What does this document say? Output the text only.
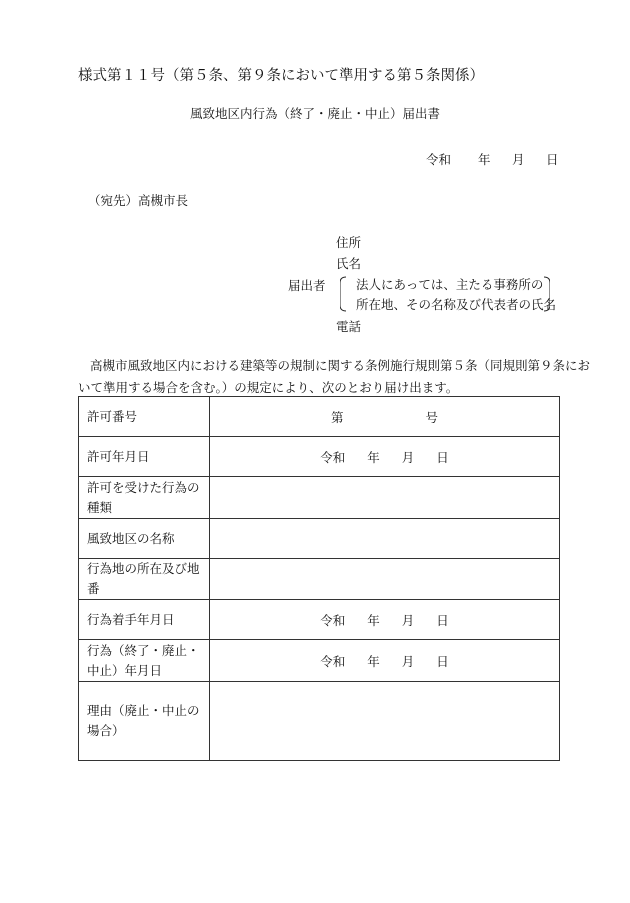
様式第１１号（第５条、第９条において準用する第５条関係）
風致地区内行為（終了・廃止・中止）届出書
令和 年 月 日
（宛先）高槻市長
住所
氏名
届出者 法人にあっては、主たる事務所の
所在地、その名称及び代表者の氏名
電話
高槻市風致地区内における建築等の規制に関する条例施行規則第５条（同規則第９条にお
いて準用する場合を含む。）の規定により、次のとおり届け出ます。
許可番号	第 号
許可年月日	令和 年 月 日
許可を受けた行為の種類	
風致地区の名称	
行為地の所在及び地番	
行為着手年月日	令和 年 月 日
行為（終了・廃止・中止）年月日	令和 年 月 日
理由（廃止・中止の場合）	
